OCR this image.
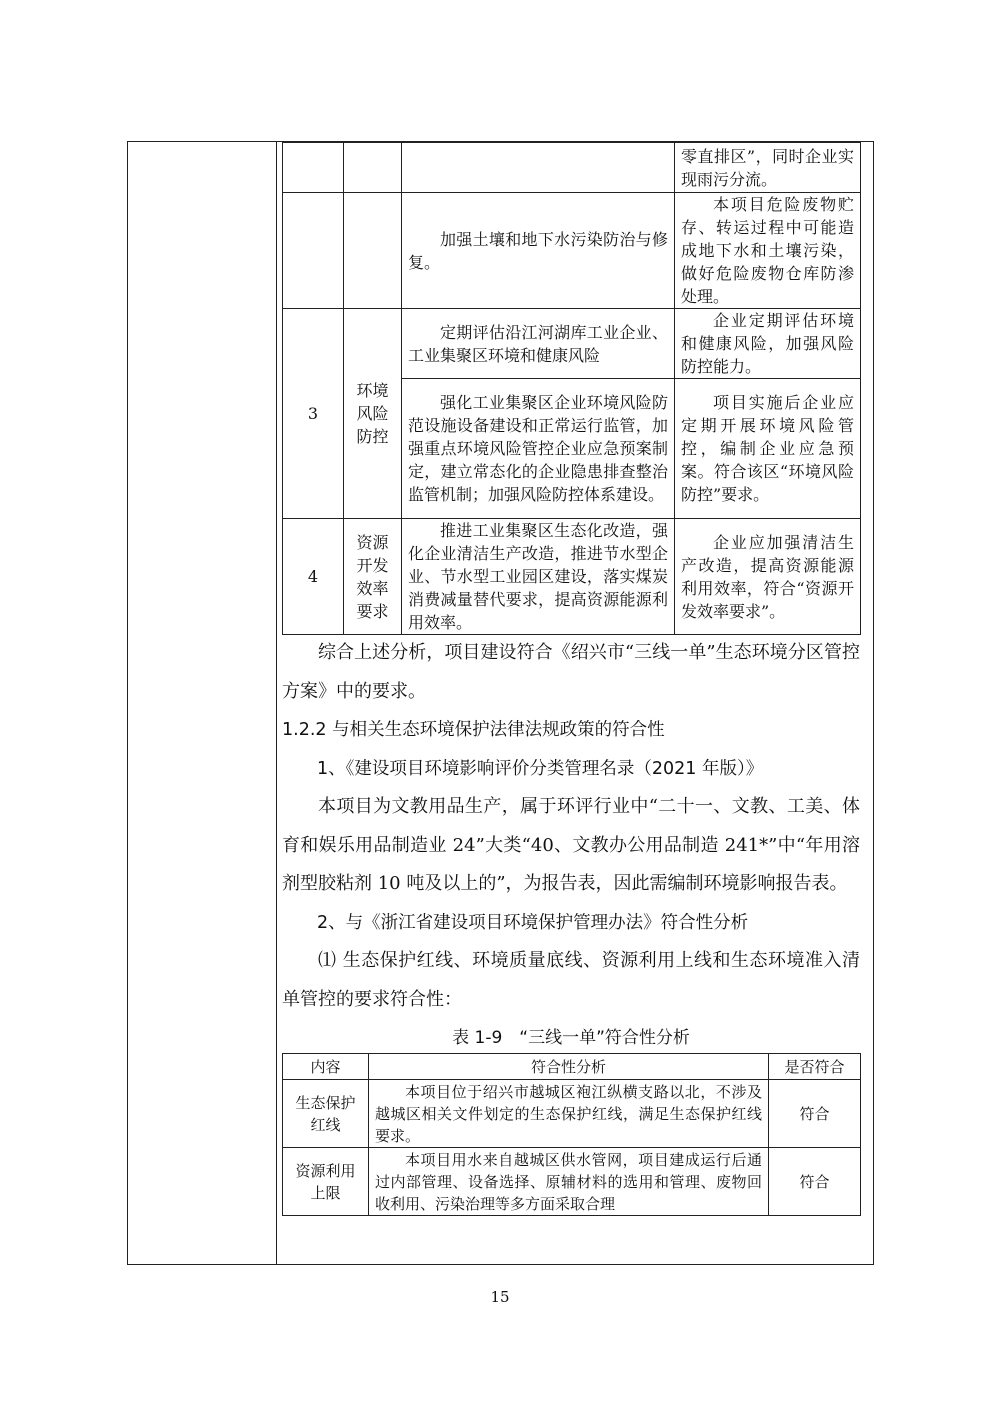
			零直排区”，同时企业实现雨污分流。
		加强土壤和地下水污染防治与修复。	本项目危险废物贮存、转运过程中可能造成地下水和土壤污染，做好危险废物仓库防渗处理。
3	环境风险防控	定期评估沿江河湖库工业企业、工业集聚区环境和健康风险	企业定期评估环境和健康风险，加强风险防控能力。
		强化工业集聚区企业环境风险防范设施设备建设和正常运行监管，加强重点环境风险管控企业应急预案制定，建立常态化的企业隐患排查整治监管机制；加强风险防控体系建设。	项目实施后企业应定期开展环境风险管控，编制企业应急预案。符合该区“环境风险防控”要求。
4	资源开发效率要求	推进工业集聚区生态化改造，强化企业清洁生产改造，推进节水型企业、节水型工业园区建设，落实煤炭消费减量替代要求，提高资源能源利用效率。	企业应加强清洁生产改造，提高资源能源利用效率，符合“资源开发效率要求”。

综合上述分析，项目建设符合《绍兴市“三线一单”生态环境分区管控方案》中的要求。

1.2.2 与相关生态环境保护法律法规政策的符合性

1、《建设项目环境影响评价分类管理名录（2021 年版）》

本项目为文教用品生产，属于环评行业中“二十一、文教、工美、体育和娱乐用品制造业 24”大类“40、文教办公用品制造 241*”中“年用溶剂型胶粘剂 10 吨及以上的”，为报告表，因此需编制环境影响报告表。

2、与《浙江省建设项目环境保护管理办法》符合性分析

⑴ 生态保护红线、环境质量底线、资源利用上线和生态环境准入清单管控的要求符合性：

表 1-9　“三线一单”符合性分析

内容	符合性分析	是否符合
生态保护红线	本项目位于绍兴市越城区袍江纵横支路以北，不涉及越城区相关文件划定的生态保护红线，满足生态保护红线要求。	符合
资源利用上限	本项目用水来自越城区供水管网，项目建成运行后通过内部管理、设备选择、原辅材料的选用和管理、废物回收利用、污染治理等多方面采取合理	符合
15
